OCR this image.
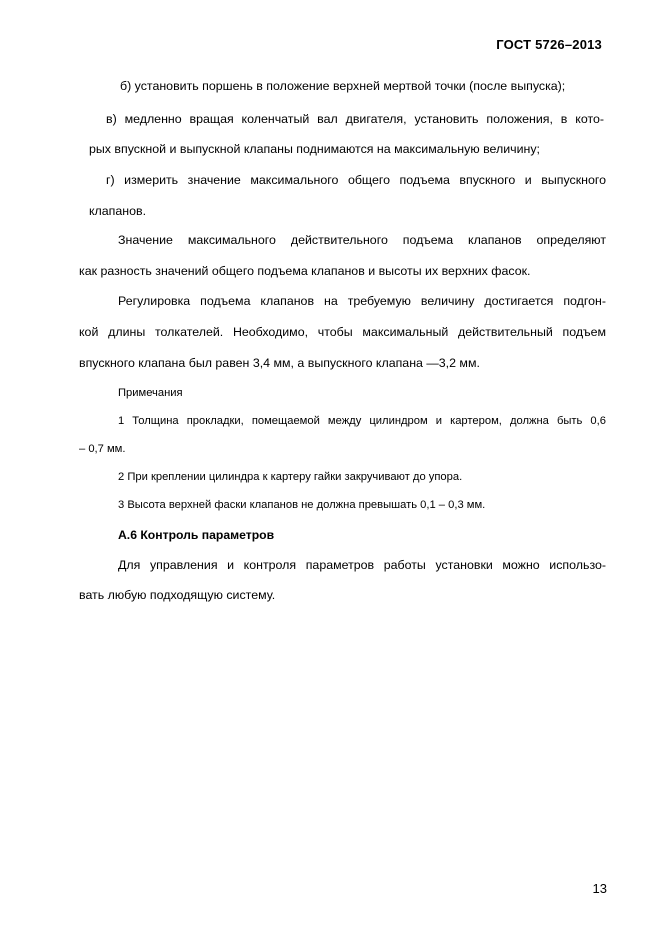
ГОСТ 5726–2013
б) установить поршень в положение верхней мертвой точки (после выпуска);
в) медленно вращая коленчатый вал двигателя, установить положения, в кото-
рых впускной и выпускной клапаны поднимаются на максимальную величину;
г) измерить значение максимального общего подъема впускного и выпускного
клапанов.
Значение максимального действительного подъема клапанов определяют
как разность значений общего подъема клапанов и высоты их верхних фасок.
Регулировка подъема клапанов на требуемую величину достигается подгон-
кой длины толкателей. Необходимо, чтобы максимальный действительный подъем
впускного клапана был равен 3,4 мм, а выпускного клапана —3,2 мм.
Примечания
1 Толщина прокладки, помещаемой между цилиндром и картером, должна быть 0,6
– 0,7 мм.
2 При креплении цилиндра к картеру гайки закручивают до упора.
3 Высота верхней фаски клапанов не должна превышать 0,1 – 0,3 мм.
А.6 Контроль параметров
Для управления и контроля параметров работы установки можно использо-
вать любую подходящую систему.
13
